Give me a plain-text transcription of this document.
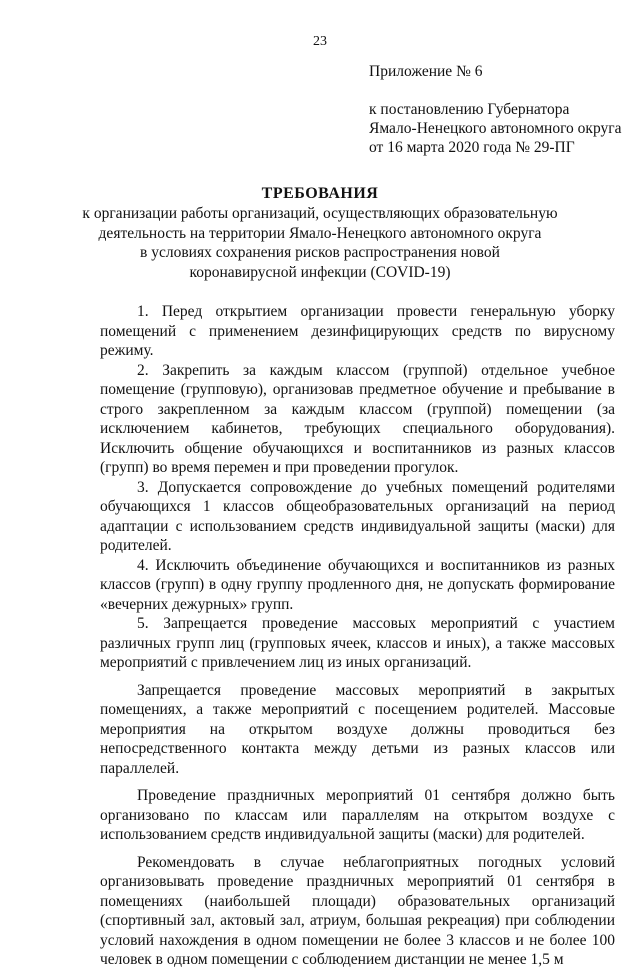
23
Приложение № 6
к постановлению Губернатора
Ямало-Ненецкого автономного округа
от 16 марта 2020 года № 29-ПГ
ТРЕБОВАНИЯ
к организации работы организаций, осуществляющих образовательную
деятельность на территории Ямало-Ненецкого автономного округа
в условиях сохранения рисков распространения новой
коронавирусной инфекции (COVID-19)

1. Перед открытием организации провести генеральную уборку помещений с применением дезинфицирующих средств по вирусному режиму.

2. Закрепить за каждым классом (группой) отдельное учебное помещение (групповую), организовав предметное обучение и пребывание в строго закрепленном за каждым классом (группой) помещении (за исключением кабинетов, требующих специального оборудования). Исключить общение обучающихся и воспитанников из разных классов (групп) во время перемен и при проведении прогулок.

3. Допускается сопровождение до учебных помещений родителями обучающихся 1 классов общеобразовательных организаций на период адаптации с использованием средств индивидуальной защиты (маски) для родителей.

4. Исключить объединение обучающихся и воспитанников из разных классов (групп) в одну группу продленного дня, не допускать формирование «вечерних дежурных» групп.

5. Запрещается проведение массовых мероприятий с участием различных групп лиц (групповых ячеек, классов и иных), а также массовых мероприятий с привлечением лиц из иных организаций.

Запрещается проведение массовых мероприятий в закрытых помещениях, а также мероприятий с посещением родителей. Массовые мероприятия на открытом воздухе должны проводиться без непосредственного контакта между детьми из разных классов или параллелей.

Проведение праздничных мероприятий 01 сентября должно быть организовано по классам или параллелям на открытом воздухе с использованием средств индивидуальной защиты (маски) для родителей.

Рекомендовать в случае неблагоприятных погодных условий организовывать проведение праздничных мероприятий 01 сентября в помещениях (наибольшей площади) образовательных организаций (спортивный зал, актовый зал, атриум, большая рекреация) при соблюдении условий нахождения в одном помещении не более 3 классов и не более 100 человек в одном помещении с соблюдением дистанции не менее 1,5 м
